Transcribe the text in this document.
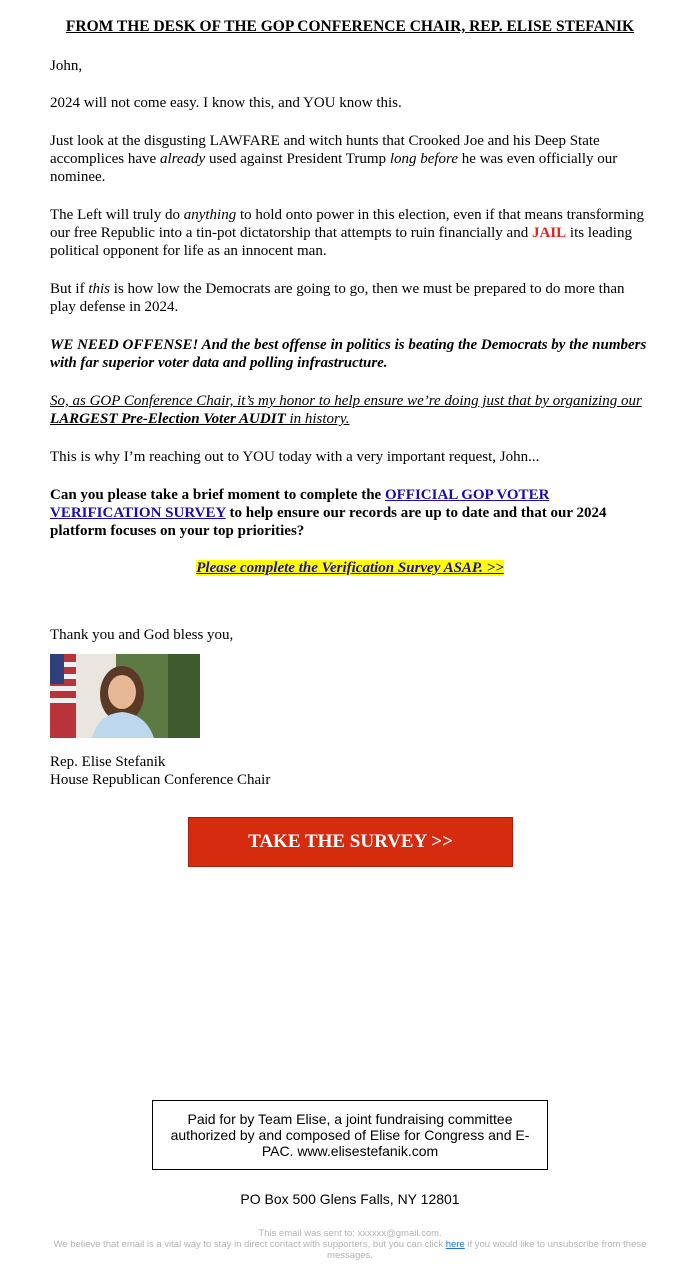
FROM THE DESK OF THE GOP CONFERENCE CHAIR, REP. ELISE STEFANIK

John,

2024 will not come easy. I know this, and YOU know this.

Just look at the disgusting LAWFARE and witch hunts that Crooked Joe and his Deep State accomplices have already used against President Trump long before he was even officially our nominee.

The Left will truly do anything to hold onto power in this election, even if that means transforming our free Republic into a tin-pot dictatorship that attempts to ruin financially and JAIL its leading political opponent for life as an innocent man.

But if this is how low the Democrats are going to go, then we must be prepared to do more than play defense in 2024.

WE NEED OFFENSE! And the best offense in politics is beating the Democrats by the numbers with far superior voter data and polling infrastructure.

So, as GOP Conference Chair, it’s my honor to help ensure we’re doing just that by organizing our LARGEST Pre-Election Voter AUDIT in history.

This is why I’m reaching out to YOU today with a very important request, John...

Can you please take a brief moment to complete the OFFICIAL GOP VOTER VERIFICATION SURVEY to help ensure our records are up to date and that our 2024 platform focuses on your top priorities?

Please complete the Verification Survey ASAP. >>

Thank you and God bless you,

Rep. Elise Stefanik

House Republican Conference Chair

TAKE THE SURVEY >>
Paid for by Team Elise, a joint fundraising committee authorized by and composed of Elise for Congress and E-PAC. www.elisestefanik.com
PO Box 500 Glens Falls, NY 12801
This email was sent to: xxxxxx@gmail.com.
We believe that email is a vital way to stay in direct contact with supporters, but you can click here if you would like to unsubscribe from these messages.
